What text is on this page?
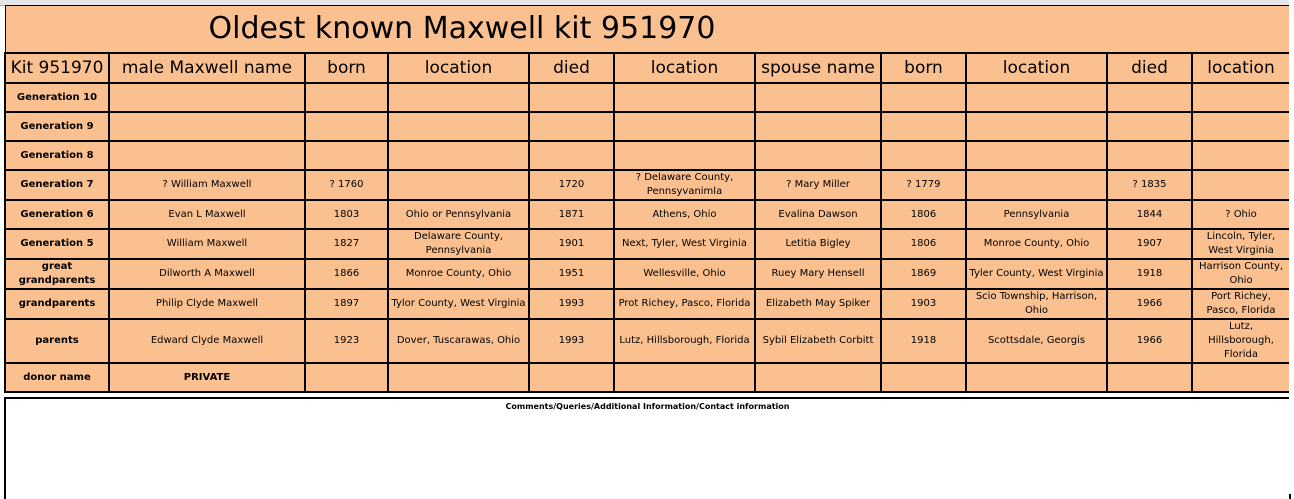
Oldest known Maxwell kit 951970										
Kit 951970	male Maxwell name	born	location	died	location	spouse name	born	location	died	location
Generation 10										
Generation 9										
Generation 8										
Generation 7	? William Maxwell	? 1760		1720	? Delaware County, Pennsyvanimla	? Mary Miller	? 1779		? 1835	
Generation 6	Evan L Maxwell	1803	Ohio or Pennsylvania	1871	Athens, Ohio	Evalina Dawson	1806	Pennsylvania	1844	? Ohio
Generation 5	William Maxwell	1827	Delaware County, Pennsylvania	1901	Next, Tyler, West Virginia	Letitia Bigley	1806	Monroe County, Ohio	1907	Lincoln, Tyler, West Virginia
great grandparents	Dilworth A Maxwell	1866	Monroe County, Ohio	1951	Wellesville, Ohio	Ruey Mary Hensell	1869	Tyler County, West Virginia	1918	Harrison County, Ohio
grandparents	Philip Clyde Maxwell	1897	Tylor County, West Virginia	1993	Prot Richey, Pasco, Florida	Elizabeth May Spiker	1903	Scio Township, Harrison, Ohio	1966	Port Richey, Pasco, Florida
parents	Edward Clyde Maxwell	1923	Dover, Tuscarawas, Ohio	1993	Lutz, Hillsborough, Florida	Sybil Elizabeth Corbitt	1918	Scottsdale, Georgis	1966	Lutz, Hillsborough, Florida
donor name	PRIVATE									
Comments/Queries/Additional Information/Contact information
